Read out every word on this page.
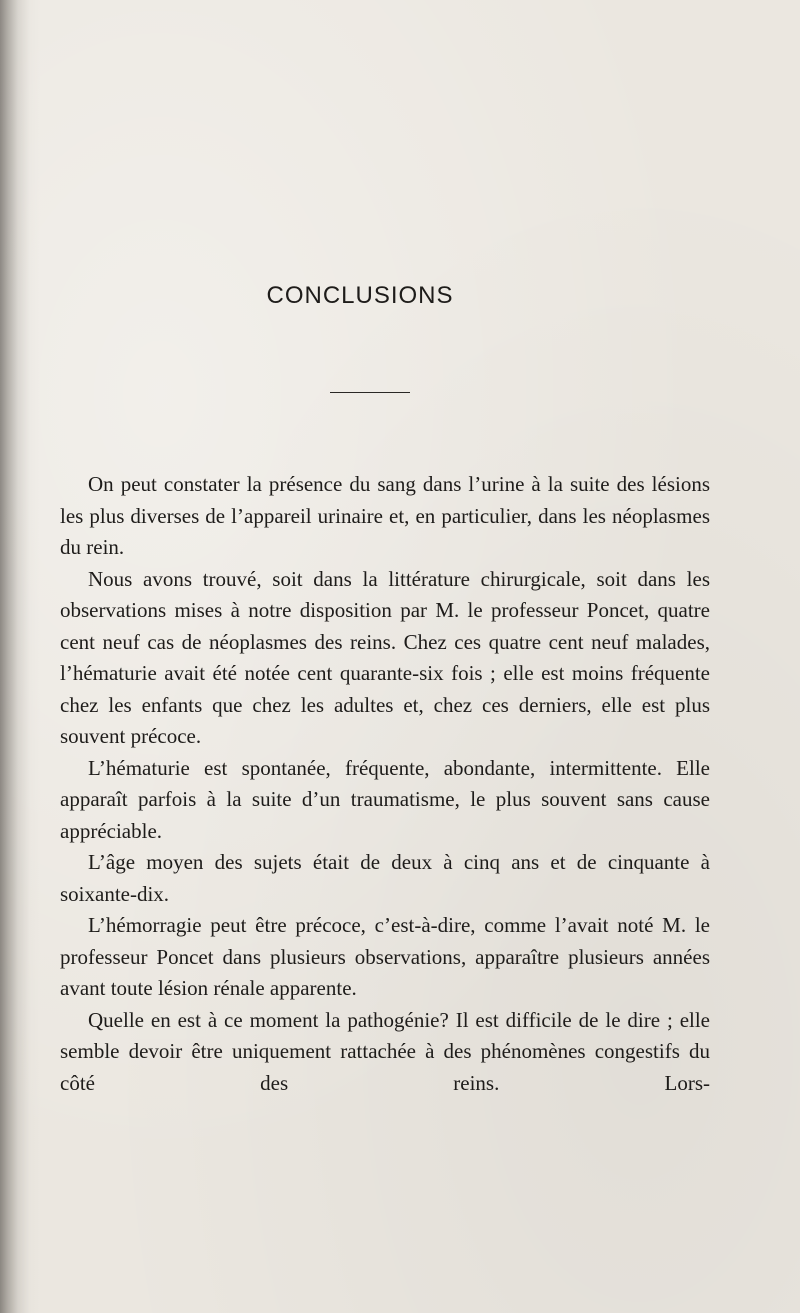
CONCLUSIONS

On peut constater la présence du sang dans l’urine à la suite des lésions les plus diverses de l’appareil urinaire et, en particulier, dans les néoplasmes du rein.

Nous avons trouvé, soit dans la littérature chirurgicale, soit dans les observations mises à notre disposition par M. le professeur Poncet, quatre cent neuf cas de néoplasmes des reins. Chez ces quatre cent neuf malades, l’hématurie avait été notée cent quarante-six fois ; elle est moins fréquente chez les enfants que chez les adultes et, chez ces derniers, elle est plus souvent précoce.

L’hématurie est spontanée, fréquente, abondante, intermittente. Elle apparaît parfois à la suite d’un traumatisme, le plus souvent sans cause appréciable.

L’âge moyen des sujets était de deux à cinq ans et de cinquante à soixante-dix.

L’hémorragie peut être précoce, c’est-à-dire, comme l’avait noté M. le professeur Poncet dans plusieurs observations, apparaître plusieurs années avant toute lésion rénale apparente.

Quelle en est à ce moment la pathogénie? Il est difficile de le dire ; elle semble devoir être uniquement rattachée à des phénomènes congestifs du côté des reins. Lors-
